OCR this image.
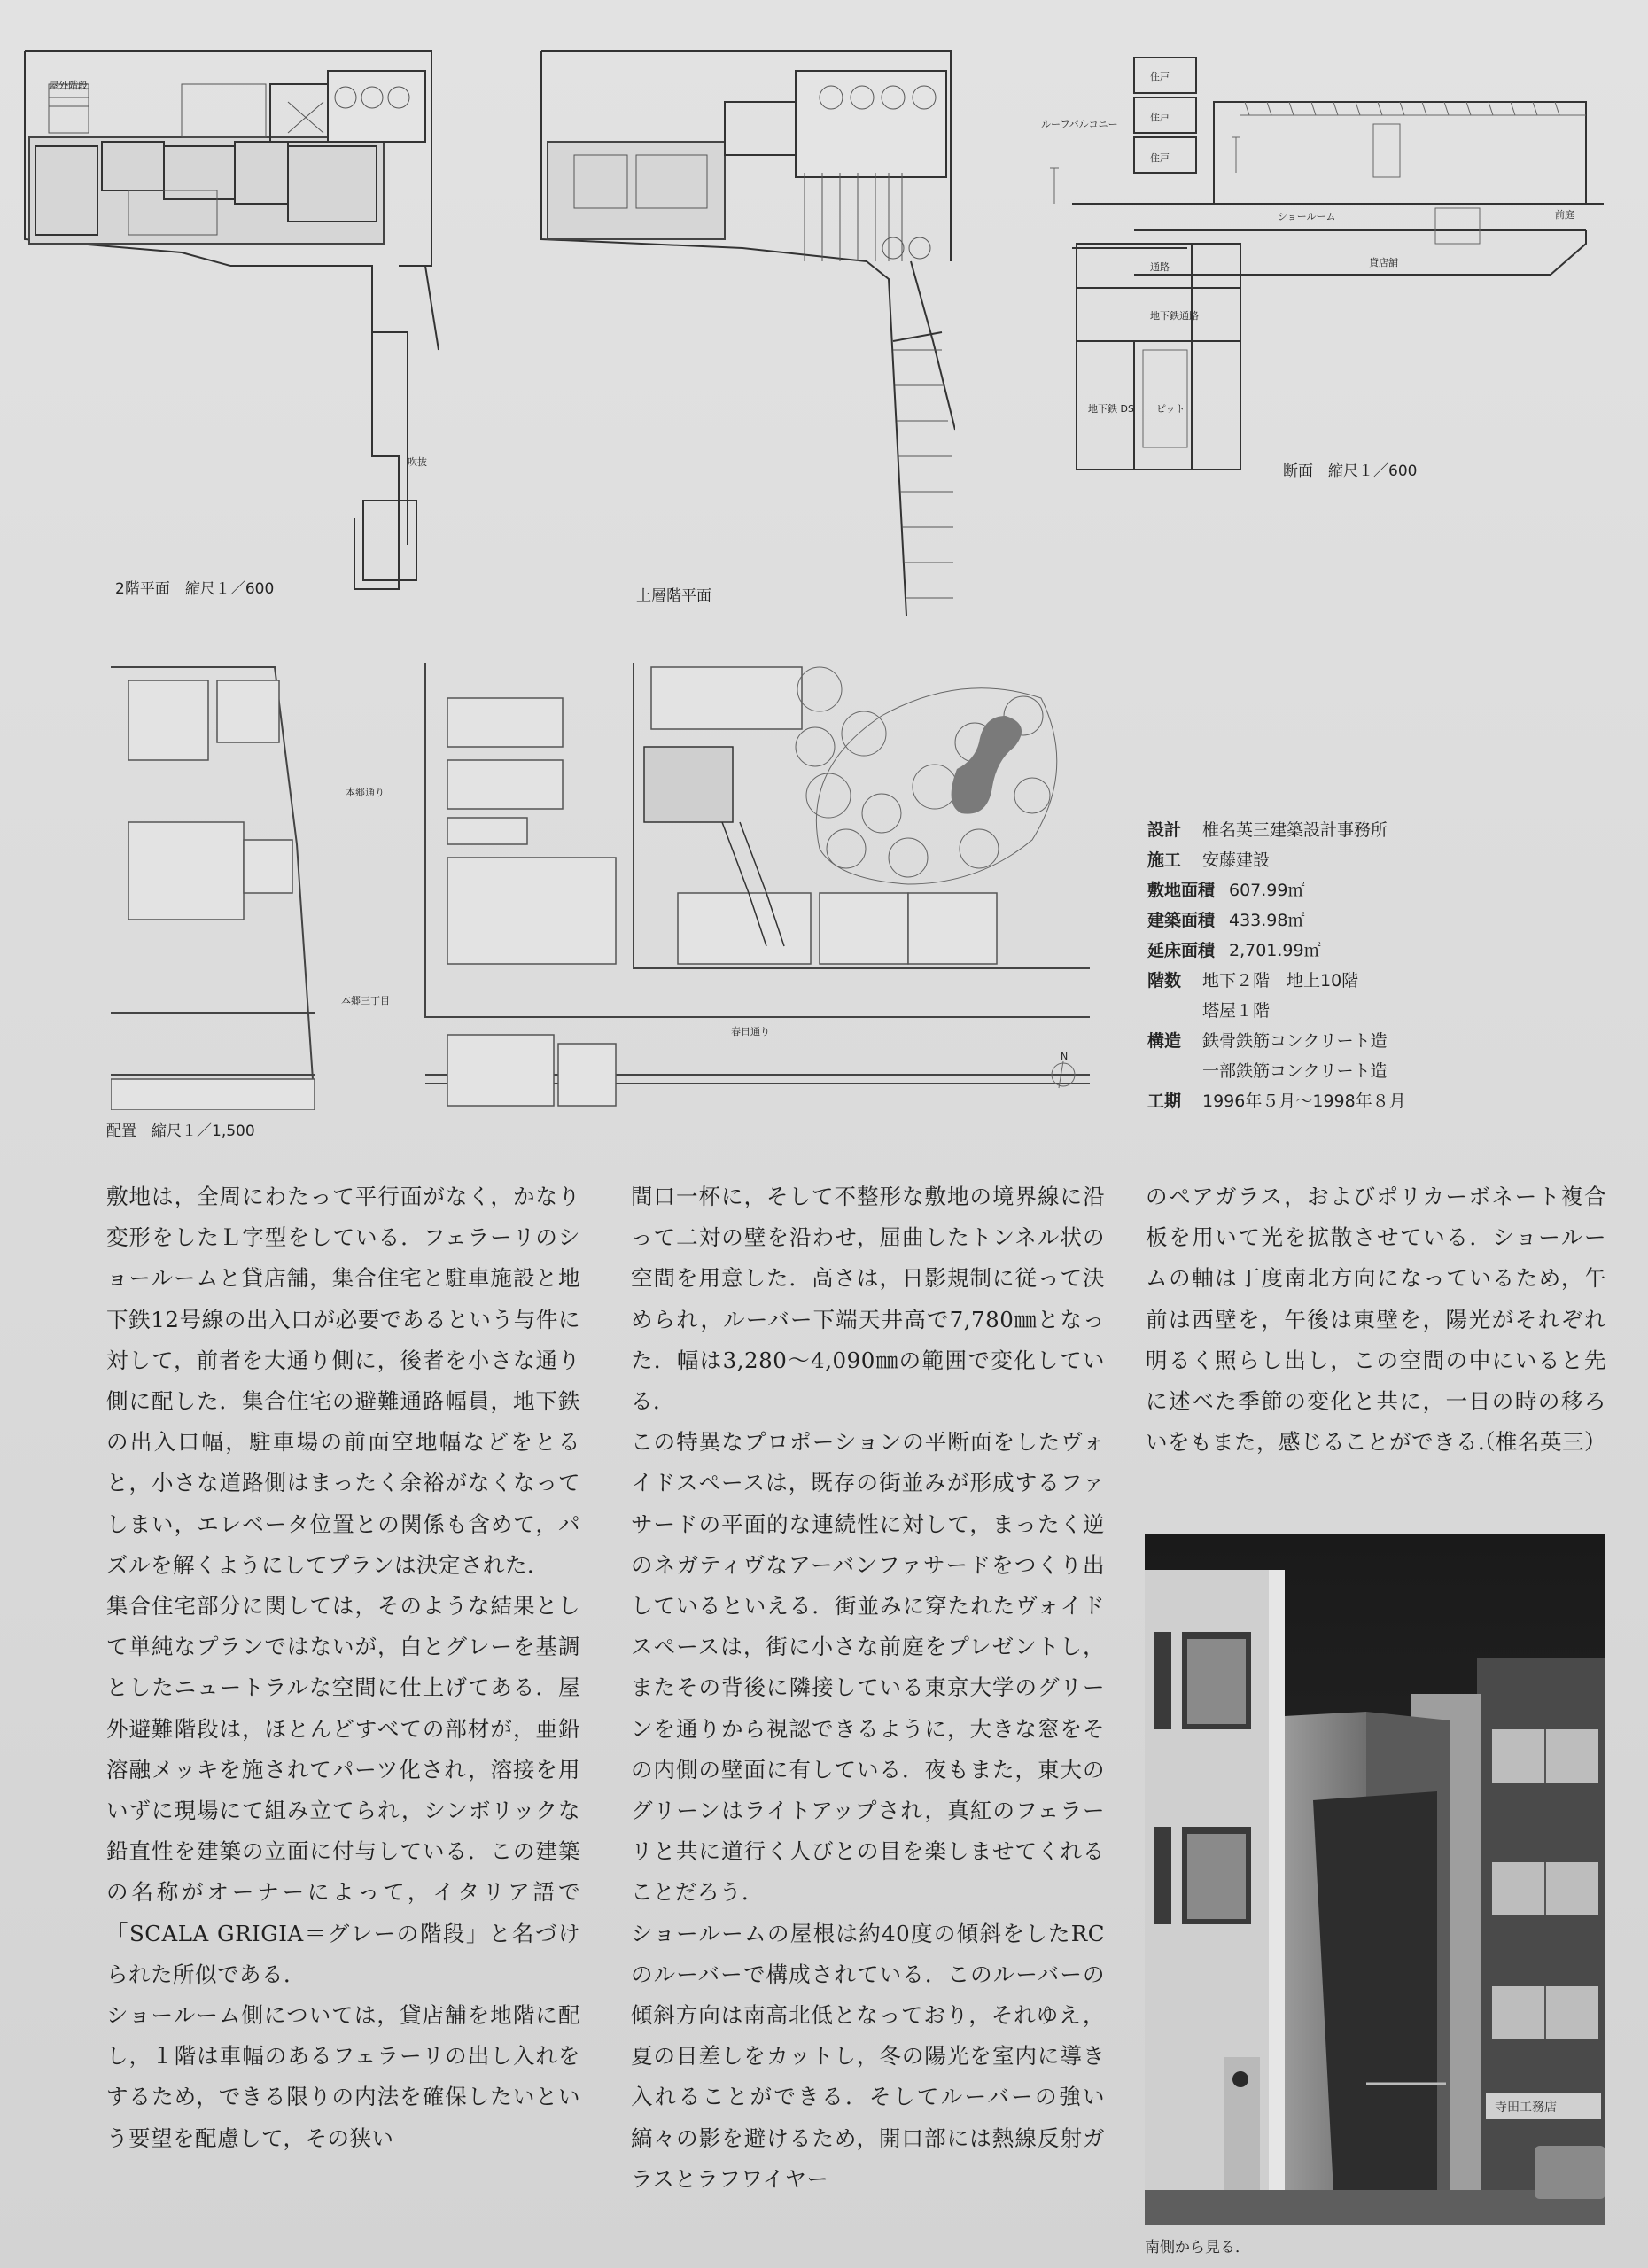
屋外階段
吹抜
2階平面　縮尺１／600	上層階平面
ルーフバルコニー
住戸
住戸
住戸
ショールーム	前庭
貸店舗
通路
地下鉄通路
地下鉄 DS ピット
断面　縮尺１／600
本郷通り
本郷三丁目
春日通り
N
配置　縮尺１／1,500
設計	椎名英三建築設計事務所
施工	安藤建設
敷地面積 607.99㎡
建築面積 433.98㎡
延床面積 2,701.99㎡
階数	地下２階　地上10階
塔屋１階
構造	鉄骨鉄筋コンクリート造
一部鉄筋コンクリート造
工期	1996年５月〜1998年８月

敷地は，全周にわたって平行面がなく，かなり変形をしたＬ字型をしている．フェラーリのショールームと貸店舗，集合住宅と駐車施設と地下鉄12号線の出入口が必要であるという与件に対して，前者を大通り側に，後者を小さな通り側に配した．集合住宅の避難通路幅員，地下鉄の出入口幅，駐車場の前面空地幅などをとると，小さな道路側はまったく余裕がなくなってしまい，エレベータ位置との関係も含めて，パズルを解くようにしてプランは決定された．

集合住宅部分に関しては，そのような結果として単純なプランではないが，白とグレーを基調としたニュートラルな空間に仕上げてある．屋外避難階段は，ほとんどすべての部材が，亜鉛溶融メッキを施されてパーツ化され，溶接を用いずに現場にて組み立てられ，シンボリックな鉛直性を建築の立面に付与している．この建築の名称がオーナーによって，イタリア語で「SCALA GRIGIA＝グレーの階段」と名づけられた所似である．

ショールーム側については，貸店舗を地階に配し，１階は車幅のあるフェラーリの出し入れをするため，できる限りの内法を確保したいという要望を配慮して，その狭い

間口一杯に，そして不整形な敷地の境界線に沿って二対の壁を沿わせ，屈曲したトンネル状の空間を用意した．高さは，日影規制に従って決められ，ルーバー下端天井高で7,780㎜となった．幅は3,280〜4,090㎜の範囲で変化している．

この特異なプロポーションの平断面をしたヴォイドスペースは，既存の街並みが形成するファサードの平面的な連続性に対して，まったく逆のネガティヴなアーバンファサードをつくり出しているといえる．街並みに穿たれたヴォイドスペースは，街に小さな前庭をプレゼントし，またその背後に隣接している東京大学のグリーンを通りから視認できるように，大きな窓をその内側の壁面に有している．夜もまた，東大のグリーンはライトアップされ，真紅のフェラーリと共に道行く人びとの目を楽しませてくれることだろう．

ショールームの屋根は約40度の傾斜をしたRCのルーバーで構成されている．このルーバーの傾斜方向は南高北低となっており，それゆえ，夏の日差しをカットし，冬の陽光を室内に導き入れることができる．そしてルーバーの強い縞々の影を避けるため，開口部には熱線反射ガラスとラフワイヤー

のペアガラス，およびポリカーボネート複合板を用いて光を拡散させている．ショールームの軸は丁度南北方向になっているため，午前は西壁を，午後は東壁を，陽光がそれぞれ明るく照らし出し，この空間の中にいると先に述べた季節の変化と共に，一日の時の移ろいをもまた，感じることができる．

（椎名英三）
寺田工務店
南側から見る．
